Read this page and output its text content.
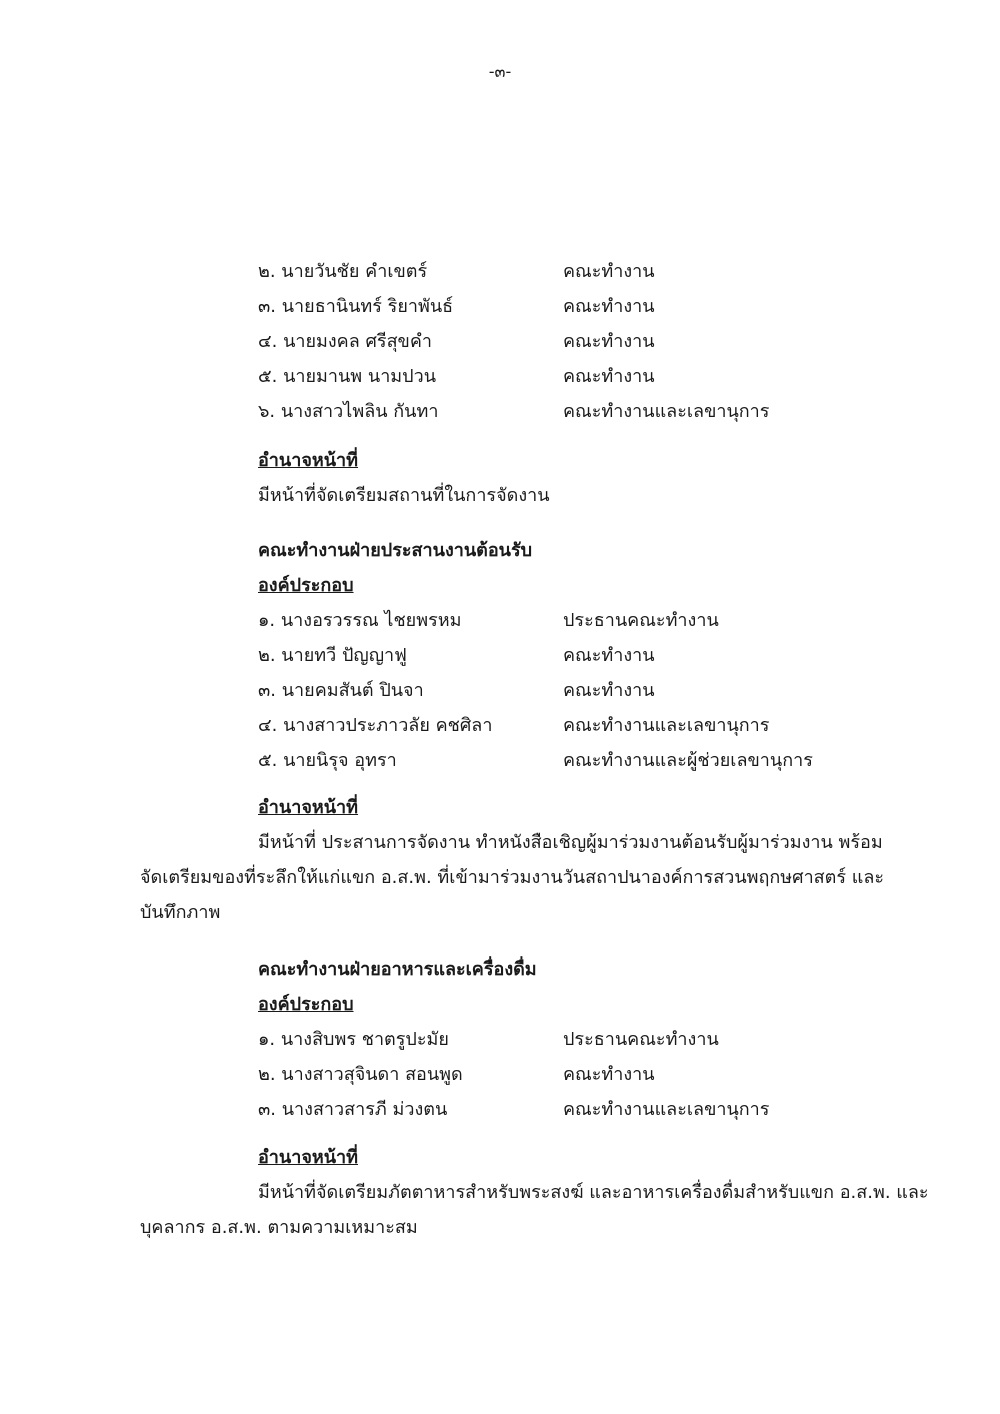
-๓-
๒. นายวันชัย คำเขตร์	คณะทำงาน
๓. นายธานินทร์ ริยาพันธ์	คณะทำงาน
๔. นายมงคล ศรีสุขคำ	คณะทำงาน
๕. นายมานพ นามปวน	คณะทำงาน
๖. นางสาวไพลิน กันทา	คณะทำงานและเลขานุการ
อำนาจหน้าที่
มีหน้าที่จัดเตรียมสถานที่ในการจัดงาน
คณะทำงานฝ่ายประสานงานต้อนรับ
องค์ประกอบ
๑. นางอรวรรณ ไชยพรหม	ประธานคณะทำงาน
๒. นายทวี ปัญญาฟู	คณะทำงาน
๓. นายคมสันต์ ปินจา	คณะทำงาน
๔. นางสาวประภาวลัย คชศิลา	คณะทำงานและเลขานุการ
๕. นายนิรุจ อุทรา	คณะทำงานและผู้ช่วยเลขานุการ
อำนาจหน้าที่
มีหน้าที่ ประสานการจัดงาน ทำหนังสือเชิญผู้มาร่วมงานต้อนรับผู้มาร่วมงาน พร้อม
จัดเตรียมของที่ระลึกให้แก่แขก อ.ส.พ. ที่เข้ามาร่วมงานวันสถาปนาองค์การสวนพฤกษศาสตร์ และ
บันทึกภาพ
คณะทำงานฝ่ายอาหารและเครื่องดื่ม
องค์ประกอบ
๑. นางสิบพร ชาตรูปะมัย	ประธานคณะทำงาน
๒. นางสาวสุจินดา สอนพูด	คณะทำงาน
๓. นางสาวสารภี ม่วงตน	คณะทำงานและเลขานุการ
อำนาจหน้าที่
มีหน้าที่จัดเตรียมภัตตาหารสำหรับพระสงฆ์ และอาหารเครื่องดื่มสำหรับแขก อ.ส.พ. และ
บุคลากร อ.ส.พ. ตามความเหมาะสม
